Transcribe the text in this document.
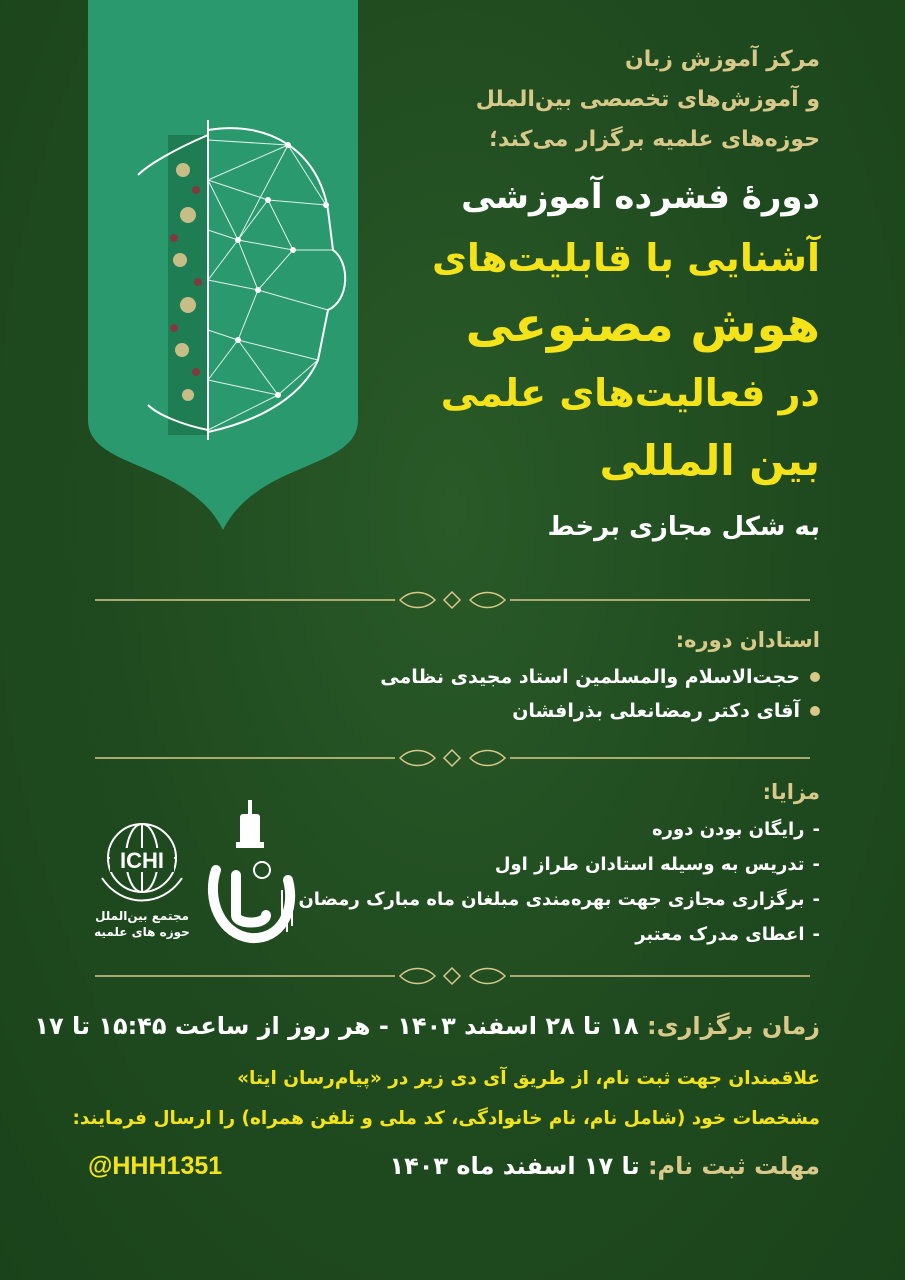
مرکز آموزش زبان
و آموزش‌های تخصصی بین‌الملل
حوزه‌های علمیه برگزار می‌کند؛
دورۀ فشرده آموزشی
آشنایی با قابلیت‌های
هوش مصنوعی
در فعالیت‌های علمی
بین المللی
به شکل مجازی برخط
استادان دوره:
حجت‌الاسلام والمسلمین استاد مجیدی نظامی
آقای دکتر رمضانعلی بذرافشان
مزایا:
-رایگان بودن دوره
-تدریس به وسیله استادان طراز اول
-برگزاری مجازی جهت بهره‌مندی مبلغان ماه مبارک رمضان
-اعطای مدرک معتبر
ICHI
مجتمع بین‌الملل
حوزه های علمیه
زمان برگزاری: ۱۸ تا ۲۸ اسفند ۱۴۰۳ - هر روز از ساعت ۱۵:۴۵ تا ۱۷
علاقمندان جهت ثبت نام، از طریق آی دی زیر در «پیام‌رسان ایتا»
مشخصات خود (شامل نام، نام خانوادگی، کد ملی و تلفن همراه) را ارسال فرمایند:
مهلت ثبت نام: تا ۱۷ اسفند ماه ۱۴۰۳
@HHH1351
